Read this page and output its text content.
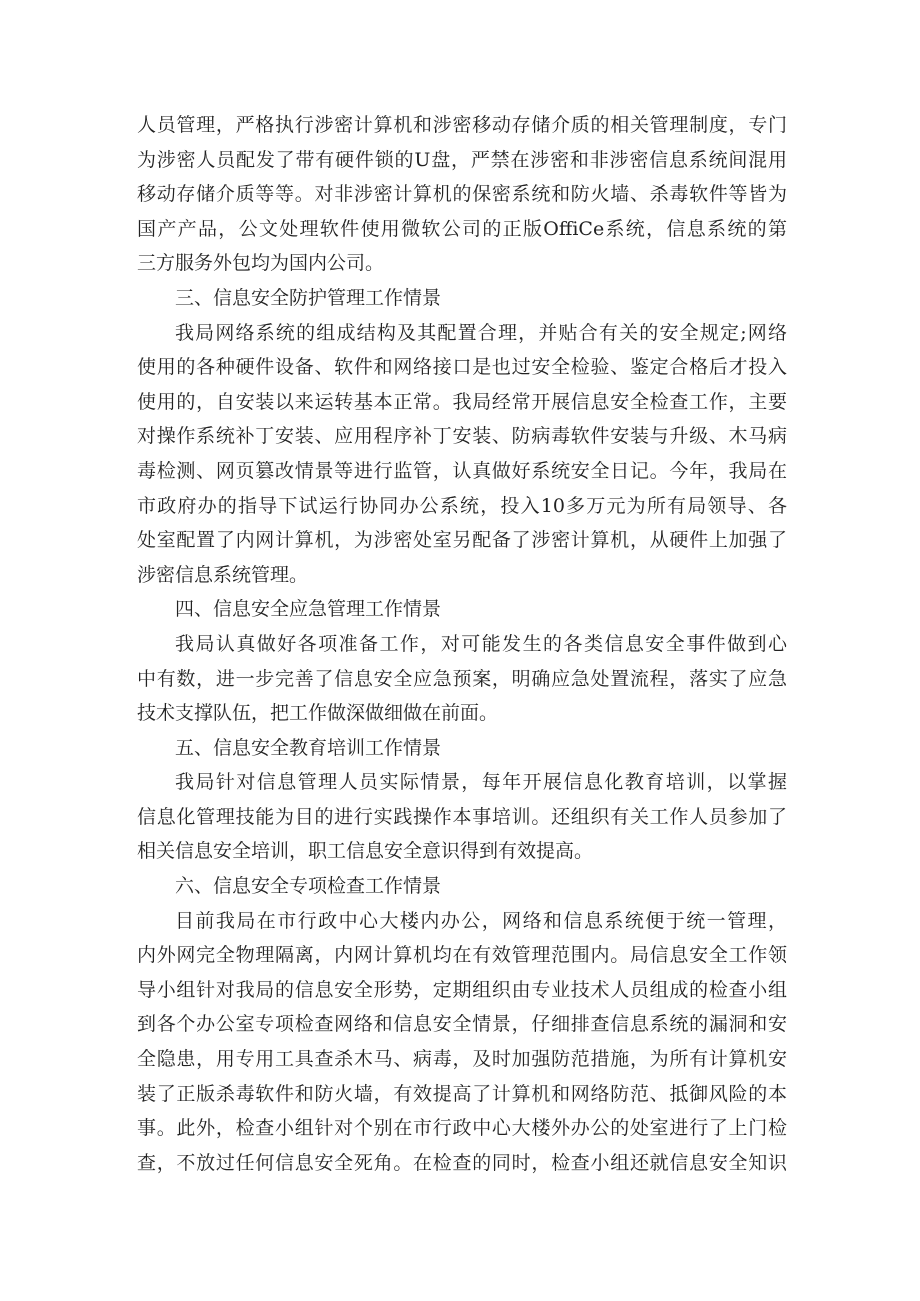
人员管理，严格执行涉密计算机和涉密移动存储介质的相关管理制度，专门
为涉密人员配发了带有硬件锁的U盘，严禁在涉密和非涉密信息系统间混用
移动存储介质等等。对非涉密计算机的保密系统和防火墙、杀毒软件等皆为
国产产品，公文处理软件使用微软公司的正版OffiCe系统，信息系统的第
三方服务外包均为国内公司。
三、信息安全防护管理工作情景
我局网络系统的组成结构及其配置合理，并贴合有关的安全规定;网络
使用的各种硬件设备、软件和网络接口是也过安全检验、鉴定合格后才投入
使用的，自安装以来运转基本正常。我局经常开展信息安全检查工作，主要
对操作系统补丁安装、应用程序补丁安装、防病毒软件安装与升级、木马病
毒检测、网页篡改情景等进行监管，认真做好系统安全日记。今年，我局在
市政府办的指导下试运行协同办公系统，投入10多万元为所有局领导、各
处室配置了内网计算机，为涉密处室另配备了涉密计算机，从硬件上加强了
涉密信息系统管理。
四、信息安全应急管理工作情景
我局认真做好各项准备工作，对可能发生的各类信息安全事件做到心
中有数，进一步完善了信息安全应急预案，明确应急处置流程，落实了应急
技术支撑队伍，把工作做深做细做在前面。
五、信息安全教育培训工作情景
我局针对信息管理人员实际情景，每年开展信息化教育培训，以掌握
信息化管理技能为目的进行实践操作本事培训。还组织有关工作人员参加了
相关信息安全培训，职工信息安全意识得到有效提高。
六、信息安全专项检查工作情景
目前我局在市行政中心大楼内办公，网络和信息系统便于统一管理，
内外网完全物理隔离，内网计算机均在有效管理范围内。局信息安全工作领
导小组针对我局的信息安全形势，定期组织由专业技术人员组成的检查小组
到各个办公室专项检查网络和信息安全情景，仔细排查信息系统的漏洞和安
全隐患，用专用工具查杀木马、病毒，及时加强防范措施，为所有计算机安
装了正版杀毒软件和防火墙，有效提高了计算机和网络防范、抵御风险的本
事。此外，检查小组针对个别在市行政中心大楼外办公的处室进行了上门检
查，不放过任何信息安全死角。在检查的同时，检查小组还就信息安全知识
